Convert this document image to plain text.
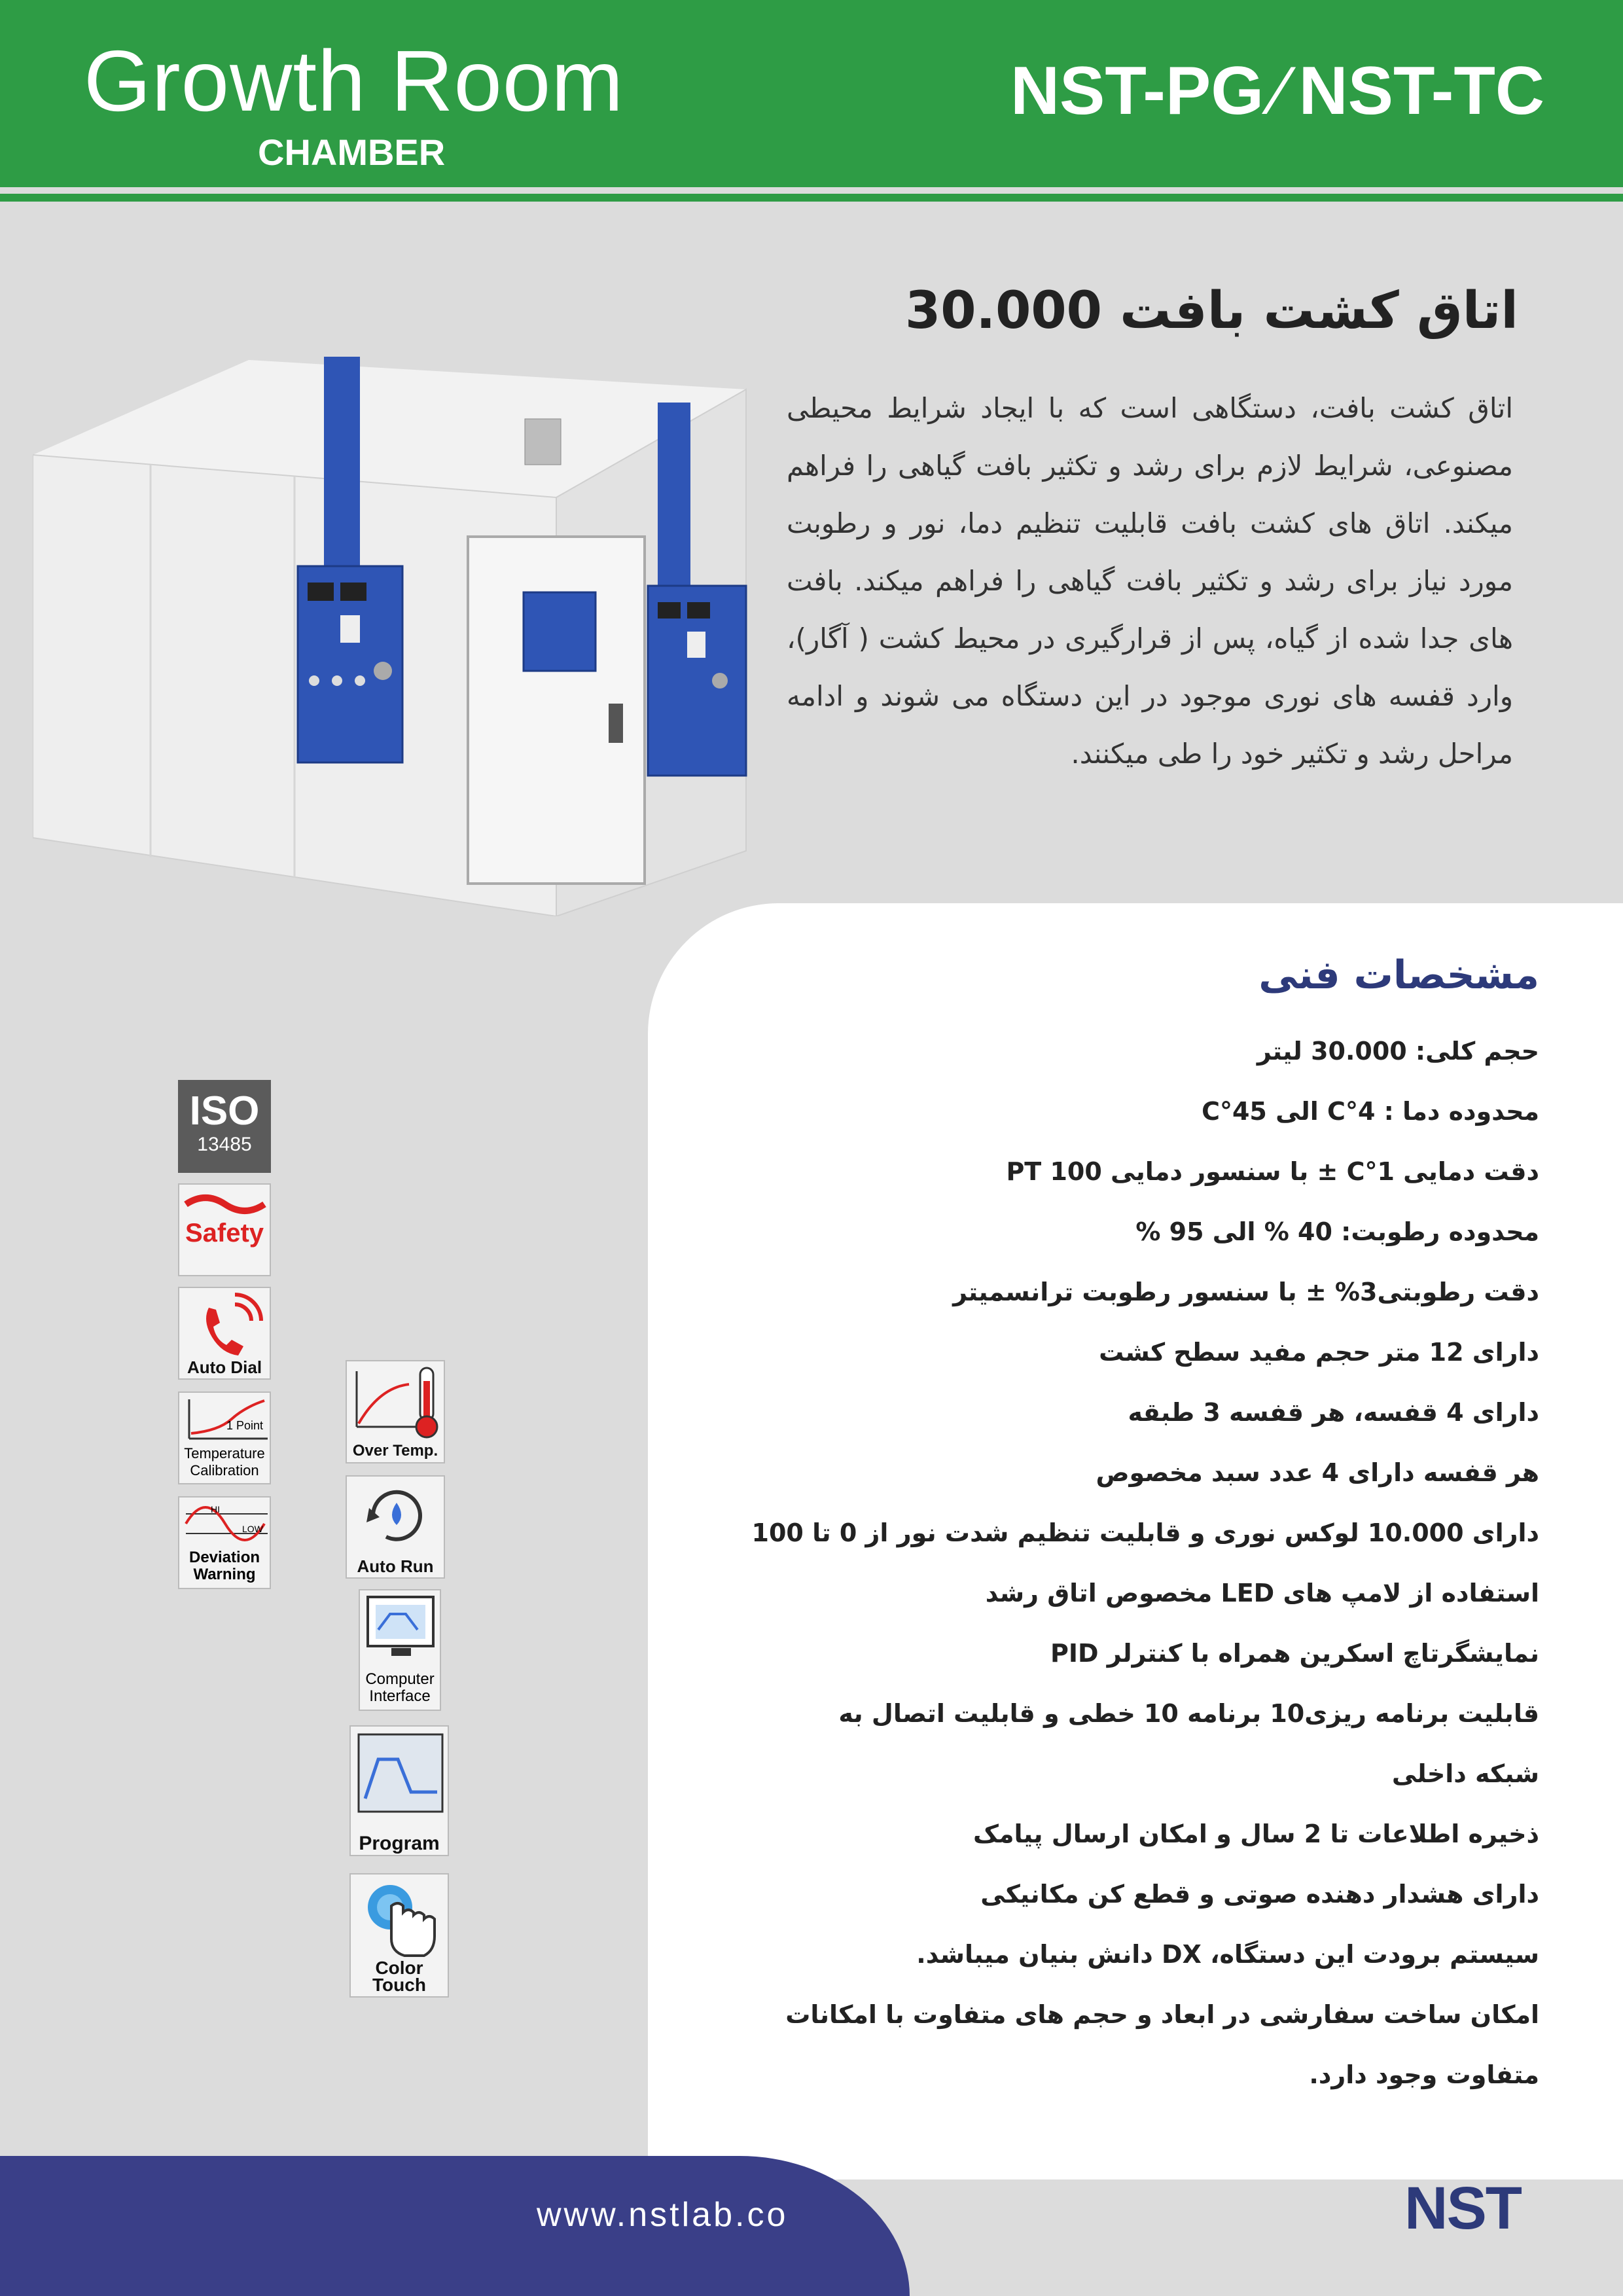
Growth Room
CHAMBER
NST-PG ⁄ NST-TC
اتاق کشت بافت 30.000
اتاق کشت بافت، دستگاهی است که با ایجاد شرایط محیطی مصنوعی، شرایط لازم برای رشد و تکثیر بافت گیاهی را فراهم میکند. اتاق های کشت بافت قابلیت تنظیم دما، نور و رطوبت مورد نیاز برای رشد و تکثیر بافت گیاهی را فراهم میکند. بافت های جدا شده از گیاه، پس از قرارگیری در محیط کشت ( آگار)، وارد قفسه های نوری موجود در این دستگاه می شوند و ادامه مراحل رشد و تکثیر خود را طی میکنند.
مشخصات فنی
حجم کلی: 30.000 لیتر
محدوده دما : 4°C الی 45°C
دقت دمایی 1°C ± با سنسور دمایی PT 100
محدوده رطوبت: 40 % الی 95 %
دقت رطوبتی3% ± با سنسور رطوبت ترانسمیتر
دارای 12 متر حجم مفید سطح کشت
دارای 4 قفسه، هر قفسه 3 طبقه
هر قفسه دارای 4 عدد سبد مخصوص
دارای 10.000 لوکس نوری و قابلیت تنظیم شدت نور از 0 تا 100
استفاده از لامپ های LED مخصوص اتاق رشد
نمایشگرتاچ اسکرین همراه با کنترلر PID
قابلیت برنامه ریزی10 برنامه 10 خطی و قابلیت اتصال به
شبکه داخلی
ذخیره اطلاعات تا 2 سال و امکان ارسال پیامک
دارای هشدار دهنده صوتی و قطع کن مکانیکی
سیستم برودت این دستگاه، DX دانش بنیان میباشد.
امکان ساخت سفارشی در ابعاد و حجم های متفاوت با امکانات
متفاوت وجود دارد.
ISO
13485
Safety
Auto Dial
1 Point
Temperature
Calibration
HI
LOW
Deviation
Warning
Over Temp.
Auto Run
Computer
Interface
Program
Color Touch
www.nstlab.co	NST
